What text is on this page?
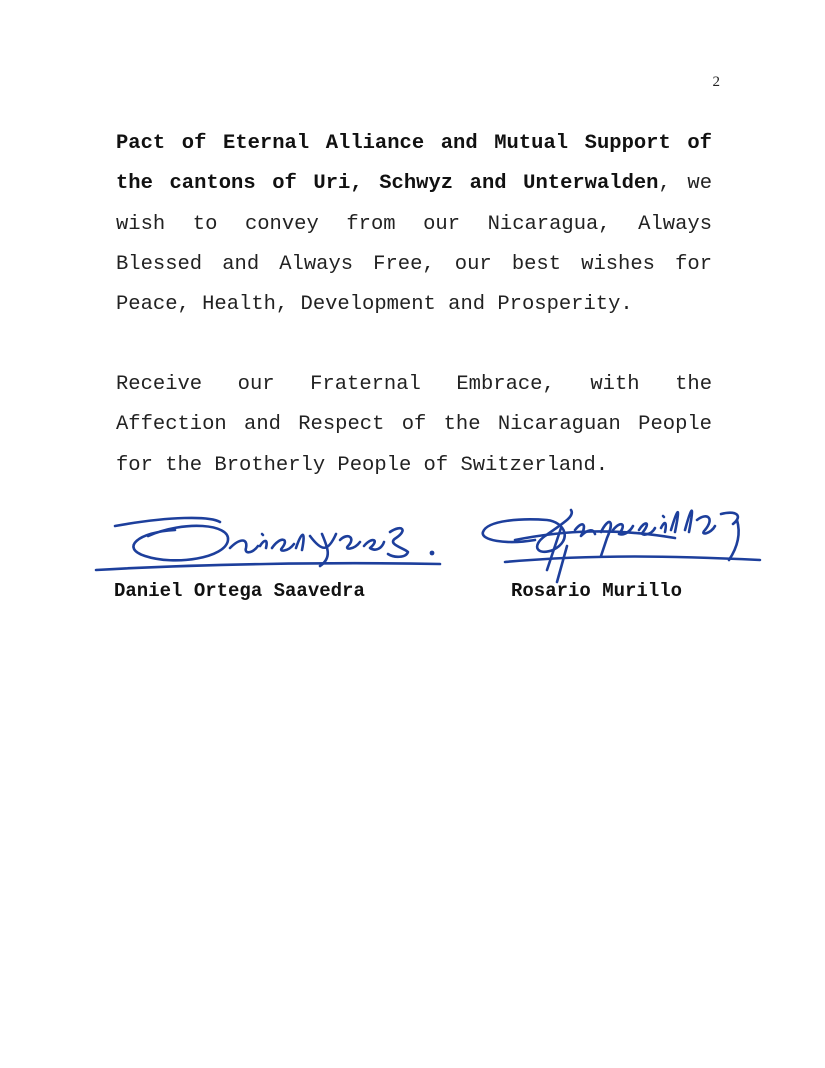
2

Pact of Eternal Alliance and Mutual Support of the cantons of Uri, Schwyz and Unterwalden, we wish to convey from our Nicaragua, Always Blessed and Always Free, our best wishes for Peace, Health, Development and Prosperity.

Receive our Fraternal Embrace, with the Affection and Respect of the Nicaraguan People for the Brotherly People of Switzerland.

Daniel Ortega Saavedra	Rosario Murillo
